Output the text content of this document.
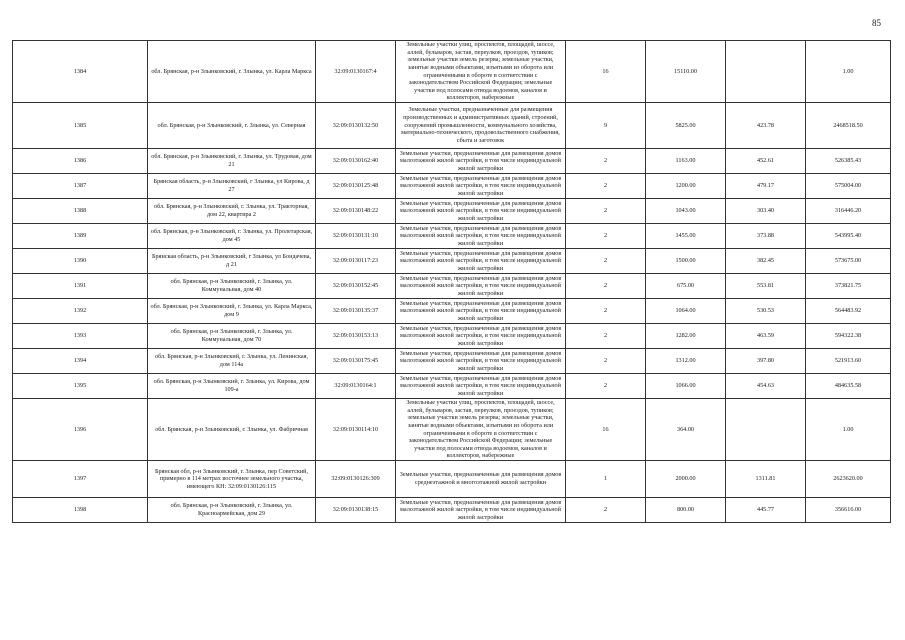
85
1384	обл. Брянская, р-н Злынковский, г. Злынка, ул. Карла Маркса	32:09:0130167:4	Земельные участки улиц, проспектов, площадей, шоссе, аллей, бульваров, застав, переулков, проездов, тупиков; земельные участки земель резерва; земельные участки, занятые водными объектами, изъятыми из оборота или ограниченными в обороте в соответствии с законодательством Российской Федерации; земельные участки под полосами отвода водоемов, каналов и коллекторов, набережные	16	15110.00		1.00
1385	обл. Брянская, р-н Злынковский, г. Злынка, ул. Северная	32:09:0130132:50	Земельные участки, предназначенные для размещения производственных и административных зданий, строений, сооружений промышленности, коммунального хозяйства, материально-технического, продовольственного снабжения, сбыта и заготовок	9	5825.00	423.78	2468518.50
1386	обл. Брянская, р-н Злынковский, г. Злынка, ул. Трудовая, дом 21	32:09:0130162:40	Земельные участки, предназначенные для размещения домов малоэтажной жилой застройки, в том числе индивидуальной жилой застройки	2	1163.00	452.61	526385.43
1387	Брянская область, р-н Злынковский, г Злынка, ул Кирова, д 27	32:09:0130125:48	Земельные участки, предназначенные для размещения домов малоэтажной жилой застройки, в том числе индивидуальной жилой застройки	2	1200.00	479.17	575004.00
1388	обл. Брянская, р-н Злынковский, г. Злынка, ул. Тракторная, дом 22, квартира 2	32:09:0130148:22	Земельные участки, предназначенные для размещения домов малоэтажной жилой застройки, в том числе индивидуальной жилой застройки	2	1043.00	303.40	316446.20
1389	обл. Брянская, р-н Злынковский, г. Злынка, ул. Пролетарская, дом 45	32:09:0130131:10	Земельные участки, предназначенные для размещения домов малоэтажной жилой застройки, в том числе индивидуальной жилой застройки	2	1455.00	373.88	543995.40
1390	Брянская область, р-н Злынковский, г Злынка, ул Бондачева, д 21	32:09:0130117:23	Земельные участки, предназначенные для размещения домов малоэтажной жилой застройки, в том числе индивидуальной жилой застройки	2	1500.00	382.45	573675.00
1391	обл. Брянская, р-н Злынковский, г. Злынка, ул. Коммунальная, дом 40	32:09:0130152:45	Земельные участки, предназначенные для размещения домов малоэтажной жилой застройки, в том числе индивидуальной жилой застройки	2	675.00	553.81	373821.75
1392	обл. Брянская, р-н Злынковский, г. Злынка, ул. Карла Маркса, дом 9	32:09:0130135:37	Земельные участки, предназначенные для размещения домов малоэтажной жилой застройки, в том числе индивидуальной жилой застройки	2	1064.00	530.53	564483.92
1393	обл. Брянская, р-н Злынковский, г. Злынка, ул. Коммунальная, дом 70	32:09:0130153:13	Земельные участки, предназначенные для размещения домов малоэтажной жилой застройки, в том числе индивидуальной жилой застройки	2	1282.00	463.59	594322.38
1394	обл. Брянская, р-н Злынковский, г. Злынка, ул. Ленинская, дом 114а	32:09:0130175:45	Земельные участки, предназначенные для размещения домов малоэтажной жилой застройки, в том числе индивидуальной жилой застройки	2	1312.00	397.80	521913.60
1395	обл. Брянская, р-н Злынковский, г. Злынка, ул. Кирова, дом 109-а	32:09:0130164:1	Земельные участки, предназначенные для размещения домов малоэтажной жилой застройки, в том числе индивидуальной жилой застройки	2	1066.00	454.63	484635.58
1396	обл. Брянская, р-н Злынковский, г. Злынка, ул. Фабричная	32:09:0130114:10	Земельные участки улиц, проспектов, площадей, шоссе, аллей, бульваров, застав, переулков, проездов, тупиков; земельные участки земель резерва; земельные участки, занятые водными объектами, изъятыми из оборота или ограниченными в обороте в соответствии с законодательством Российской Федерации; земельные участки под полосами отвода водоемов, каналов и коллекторов, набережные	16	364.00		1.00
1397	Брянская обл, р-н Злынковский, г. Злынка, пер Советский, примерно в 114 метрах восточнее земельного участка, имеющего КН: 32:09:0130126:115	32:09:0130126:309	Земельные участки, предназначенные для размещения домов среднеэтажной и многоэтажной жилой застройки	1	2000.00	1311.81	2623620.00
1398	обл. Брянская, р-н Злынковский, г. Злынка, ул. Красноармейская, дом 29	32:09:0130138:15	Земельные участки, предназначенные для размещения домов малоэтажной жилой застройки, в том числе индивидуальной жилой застройки	2	800.00	445.77	356616.00
